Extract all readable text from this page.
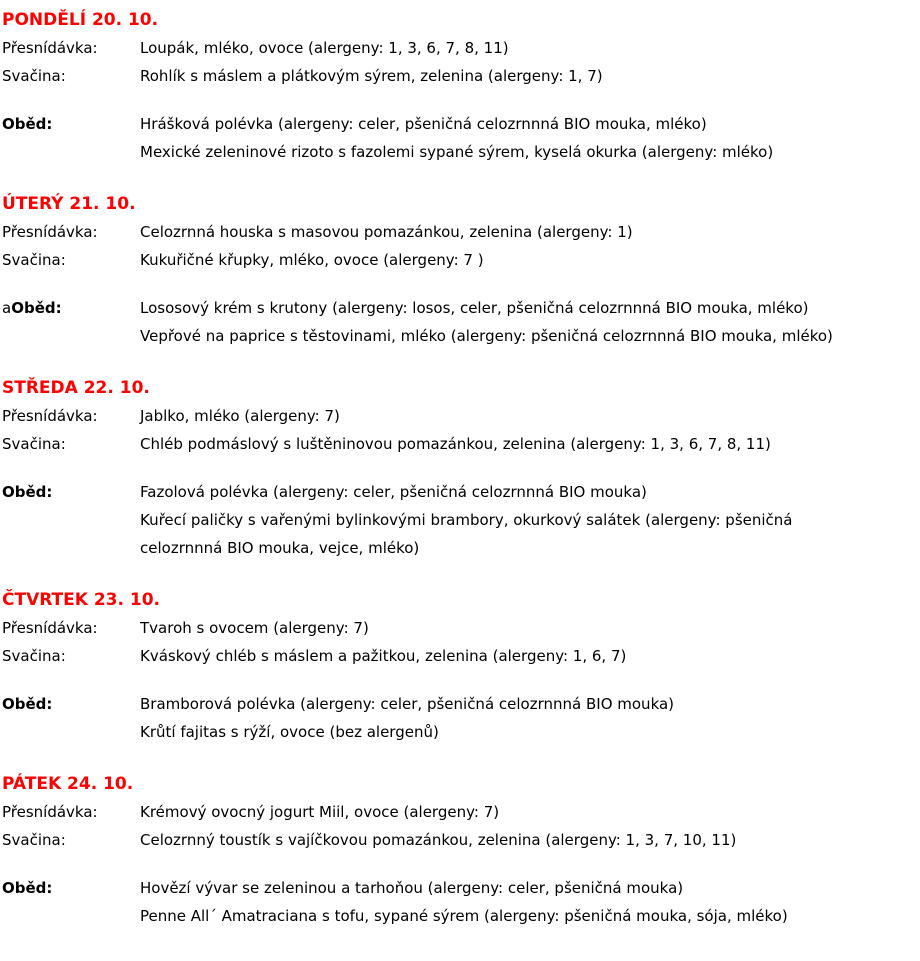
PONDĚLÍ 20. 10.
Přesnídávka:	Loupák, mléko, ovoce (alergeny: 1, 3, 6, 7, 8, 11)
Svačina:	Rohlík s máslem a plátkovým sýrem, zelenina (alergeny: 1, 7)
Oběd:	Hrášková polévka (alergeny: celer, pšeničná celozrnnná BIO mouka, mléko)
Mexické zeleninové rizoto s fazolemi sypané sýrem, kyselá okurka (alergeny: mléko)
ÚTERÝ 21. 10.
Přesnídávka:	Celozrnná houska s masovou pomazánkou, zelenina (alergeny: 1)
Svačina:	Kukuřičné křupky, mléko, ovoce (alergeny: 7 )
aOběd:	Lososový krém s krutony (alergeny: losos, celer, pšeničná celozrnnná BIO mouka, mléko)
Vepřové na paprice s těstovinami, mléko (alergeny: pšeničná celozrnnná BIO mouka, mléko)
STŘEDA 22. 10.
Přesnídávka:	Jablko, mléko (alergeny: 7)
Svačina:	Chléb podmáslový s luštěninovou pomazánkou, zelenina (alergeny: 1, 3, 6, 7, 8, 11)
Oběd:	Fazolová polévka (alergeny: celer, pšeničná celozrnnná BIO mouka)
Kuřecí paličky s vařenými bylinkovými brambory, okurkový salátek (alergeny: pšeničná
celozrnnná BIO mouka, vejce, mléko)
ČTVRTEK 23. 10.
Přesnídávka:	Tvaroh s ovocem (alergeny: 7)
Svačina:	Kváskový chléb s máslem a pažitkou, zelenina (alergeny: 1, 6, 7)
Oběd:	Bramborová polévka (alergeny: celer, pšeničná celozrnnná BIO mouka)
Krůtí fajitas s rýží, ovoce (bez alergenů)
PÁTEK 24. 10.
Přesnídávka:	Krémový ovocný jogurt Miil, ovoce (alergeny: 7)
Svačina:	Celozrnný toustík s vajíčkovou pomazánkou, zelenina (alergeny: 1, 3, 7, 10, 11)
Oběd:	Hovězí vývar se zeleninou a tarhoňou (alergeny: celer, pšeničná mouka)
Penne All´ Amatraciana s tofu, sypané sýrem (alergeny: pšeničná mouka, sója, mléko)
